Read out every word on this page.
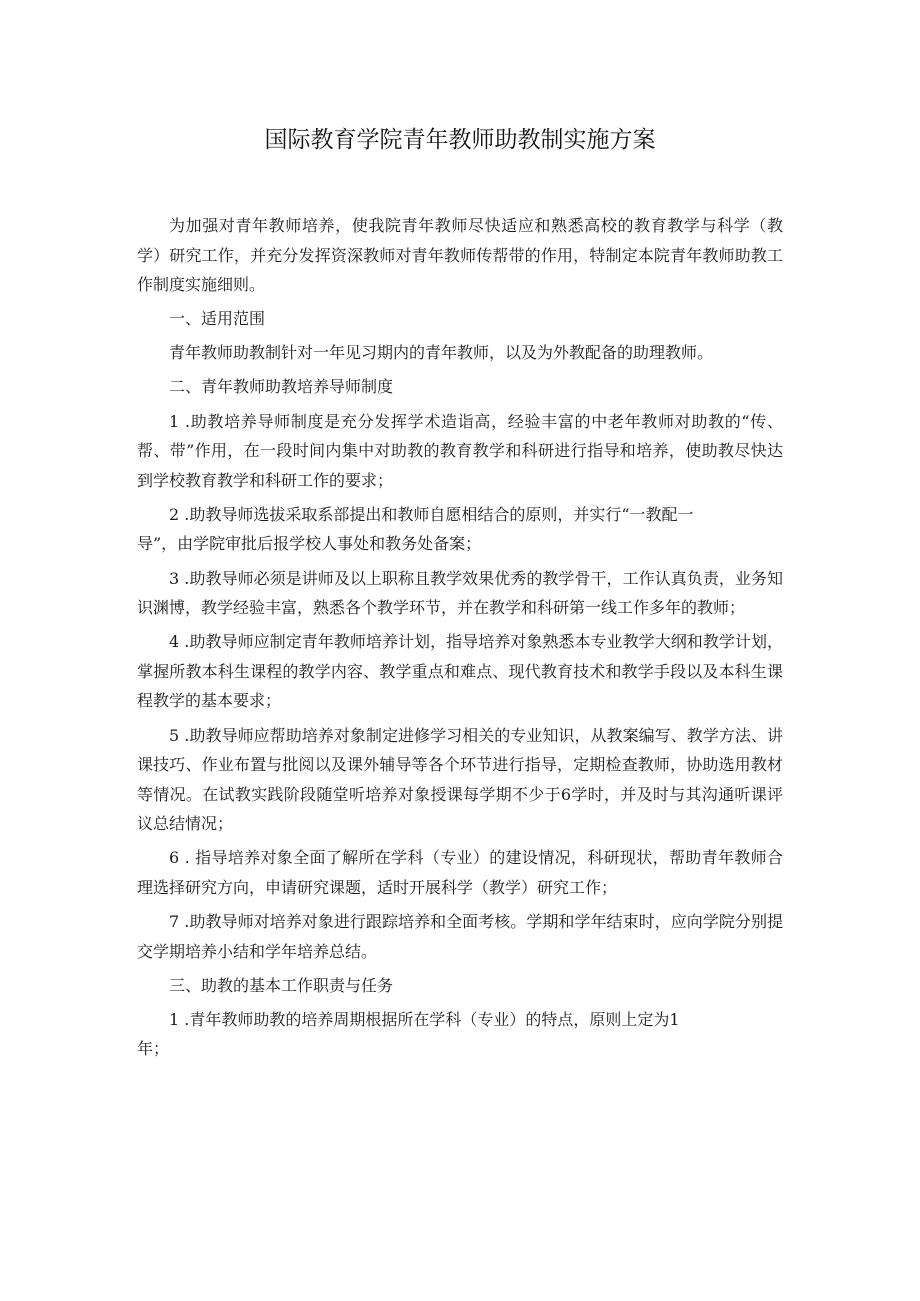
国际教育学院青年教师助教制实施方案

为加强对青年教师培养，使我院青年教师尽快适应和熟悉高校的教育教学与科学（教学）研究工作，并充分发挥资深教师对青年教师传帮带的作用，特制定本院青年教师助教工作制度实施细则。

一、适用范围

青年教师助教制针对一年见习期内的青年教师，以及为外教配备的助理教师。

二、青年教师助教培养导师制度

1 .助教培养导师制度是充分发挥学术造诣高，经验丰富的中老年教师对助教的“传、帮、带”作用，在一段时间内集中对助教的教育教学和科研进行指导和培养，使助教尽快达到学校教育教学和科研工作的要求；

2 .助教导师选拔采取系部提出和教师自愿相结合的原则，并实行“一教配一
导”，由学院审批后报学校人事处和教务处备案；

3 .助教导师必须是讲师及以上职称且教学效果优秀的教学骨干，工作认真负责，业务知识渊博，教学经验丰富，熟悉各个教学环节，并在教学和科研第一线工作多年的教师；

4 .助教导师应制定青年教师培养计划，指导培养对象熟悉本专业教学大纲和教学计划，掌握所教本科生课程的教学内容、教学重点和难点、现代教育技术和教学手段以及本科生课程教学的基本要求；

5 .助教导师应帮助培养对象制定进修学习相关的专业知识，从教案编写、教学方法、讲课技巧、作业布置与批阅以及课外辅导等各个环节进行指导，定期检查教师，协助选用教材等情况。在试教实践阶段随堂听培养对象授课每学期不少于6学时，并及时与其沟通听课评议总结情况；

6 . 指导培养对象全面了解所在学科（专业）的建设情况，科研现状，帮助青年教师合理选择研究方向，申请研究课题，适时开展科学（教学）研究工作；

7 .助教导师对培养对象进行跟踪培养和全面考核。学期和学年结束时，应向学院分别提交学期培养小结和学年培养总结。

三、助教的基本工作职责与任务

1 .青年教师助教的培养周期根据所在学科（专业）的特点，原则上定为1
年；
